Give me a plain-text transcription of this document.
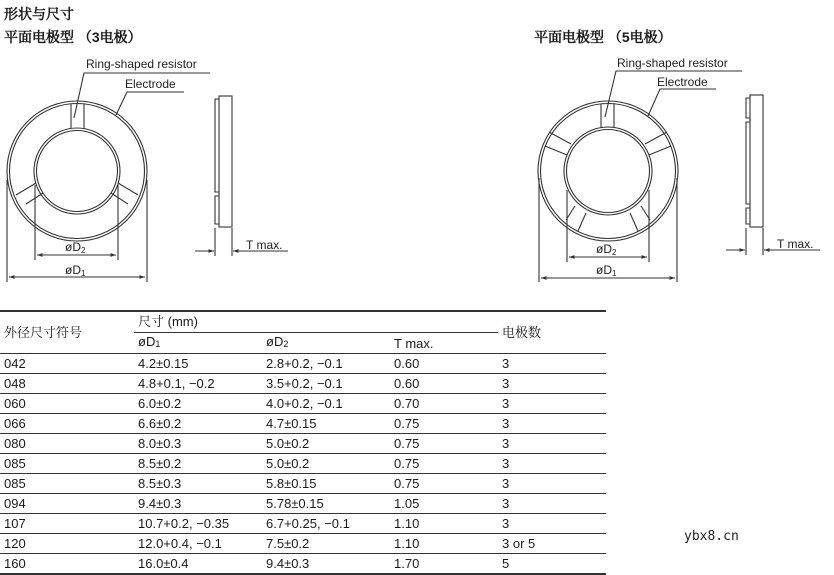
形状与尺寸
平面电极型 （3电极）	平面电极型 （5电极）
Ring-shaped resistor
Electrode
øD2
øD1
T max.
Ring-shaped resistor
Electrode
øD2
øD1
T max.
外径尺寸符号	尺寸 (mm)			电极数
	øD1	øD2	T max.	
042	4.2±0.15	2.8+0.2, −0.1	0.60	3
048	4.8+0.1, −0.2	3.5+0.2, −0.1	0.60	3
060	6.0±0.2	4.0+0.2, −0.1	0.70	3
066	6.6±0.2	4.7±0.15	0.75	3
080	8.0±0.3	5.0±0.2	0.75	3
085	8.5±0.2	5.0±0.2	0.75	3
085	8.5±0.3	5.8±0.15	0.75	3
094	9.4±0.3	5.78±0.15	1.05	3
107	10.7+0.2, −0.35	6.7+0.25, −0.1	1.10	3
120	12.0+0.4, −0.1	7.5±0.2	1.10	3 or 5
160	16.0±0.4	9.4±0.3	1.70	5
ybx8.cn
